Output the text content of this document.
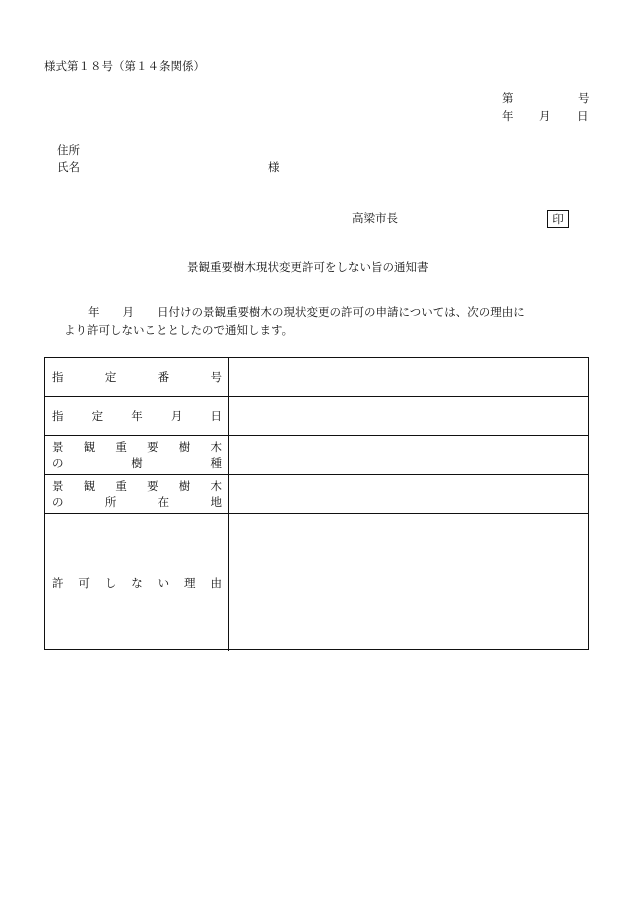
様式第１８号（第１４条関係）
第	号
年 月 日
住所
氏名	様
高梁市長	印
景観重要樹木現状変更許可をしない旨の通知書
年　　月　　日付けの景観重要樹木の現状変更の許可の申請については、次の理由に
より許可しないこととしたので通知します。
指	定	番	号
指 定 年 月 日
景 観 重 要 樹 木
の	樹	種
景 観 重 要 樹 木
の	所	在	地
許 可 し な い 理 由
